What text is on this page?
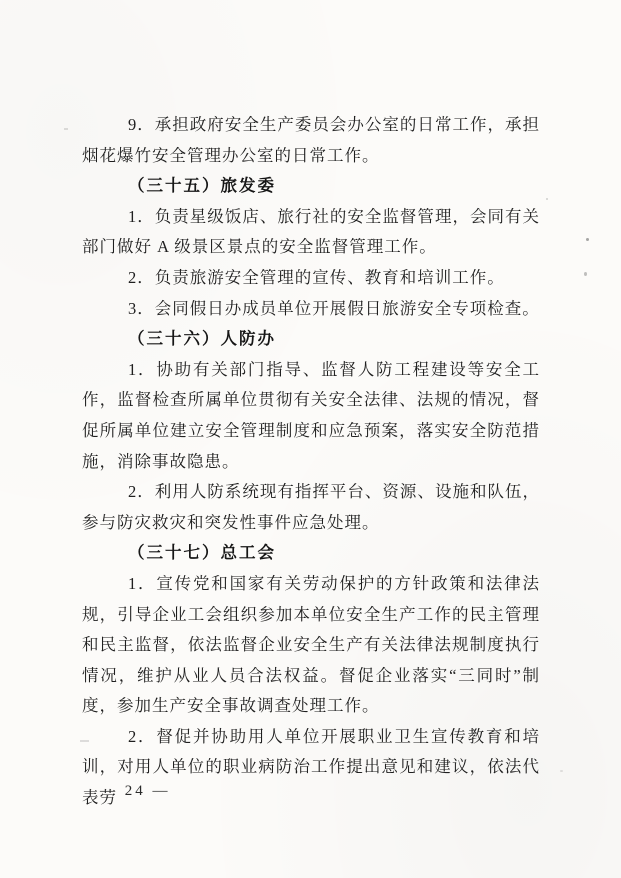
9．承担政府安全生产委员会办公室的日常工作，承担烟花爆竹安全管理办公室的日常工作。

（三十五）旅发委

1．负责星级饭店、旅行社的安全监督管理，会同有关部门做好 A 级景区景点的安全监督管理工作。

2．负责旅游安全管理的宣传、教育和培训工作。

3．会同假日办成员单位开展假日旅游安全专项检查。

（三十六）人防办

1．协助有关部门指导、监督人防工程建设等安全工作，监督检查所属单位贯彻有关安全法律、法规的情况，督促所属单位建立安全管理制度和应急预案，落实安全防范措施，消除事故隐患。

2．利用人防系统现有指挥平台、资源、设施和队伍，参与防灾救灾和突发性事件应急处理。

（三十七）总工会

1．宣传党和国家有关劳动保护的方针政策和法律法规，引导企业工会组织参加本单位安全生产工作的民主管理和民主监督，依法监督企业安全生产有关法律法规制度执行情况，维护从业人员合法权益。督促企业落实“三同时”制度，参加生产安全事故调查处理工作。

2．督促并协助用人单位开展职业卫生宣传教育和培训，对用人单位的职业病防治工作提出意见和建议，依法代表劳

— 24 —
